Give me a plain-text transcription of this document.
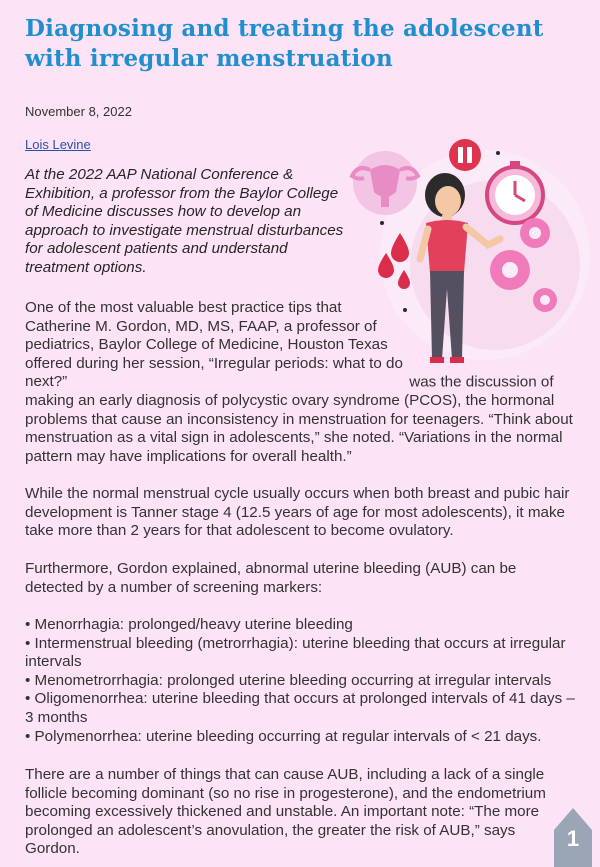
Diagnosing and treating the adolescent with irregular menstruation
November 8, 2022
Lois Levine

At the 2022 AAP National Conference & Exhibition, a professor from the Baylor College of Medicine discusses how to develop an approach to investigate menstrual disturbances for adolescent patients and understand treatment options.

One of the most valuable best practice tips that Catherine M. Gordon, MD, MS, FAAP, a professor of pediatrics, Baylor College of Medicine, Houston Texas offered during her session, “Irregular periods: what to do next?”	was the discussion of making an early diagnosis of polycystic ovary syndrome (PCOS), the hormonal problems that cause an inconsistency in menstruation for teenagers. “Think about menstruation as a vital sign in adolescents,” she noted. “Variations in the normal pattern may have implications for overall health.”

While the normal menstrual cycle usually occurs when both breast and pubic hair development is Tanner stage 4 (12.5 years of age for most adolescents), it make take more than 2 years for that adolescent to become ovulatory.

Furthermore, Gordon explained, abnormal uterine bleeding (AUB) can be detected by a number of screening markers:

• Menorrhagia: prolonged/heavy uterine bleeding
• Intermenstrual bleeding (metrorrhagia): uterine bleeding that occurs at irregular intervals
• Menometrorrhagia: prolonged uterine bleeding occurring at irregular intervals
• Oligomenorrhea: uterine bleeding that occurs at prolonged intervals of 41 days – 3 months
• Polymenorrhea: uterine bleeding occurring at regular intervals of < 21 days.

There are a number of things that can cause AUB, including a lack of a single follicle becoming dominant (so no rise in progesterone), and the endometrium becoming excessively thickened and unstable. An important note: “The more prolonged an adolescent’s anovulation, the greater the risk of AUB,” says Gordon.	1
